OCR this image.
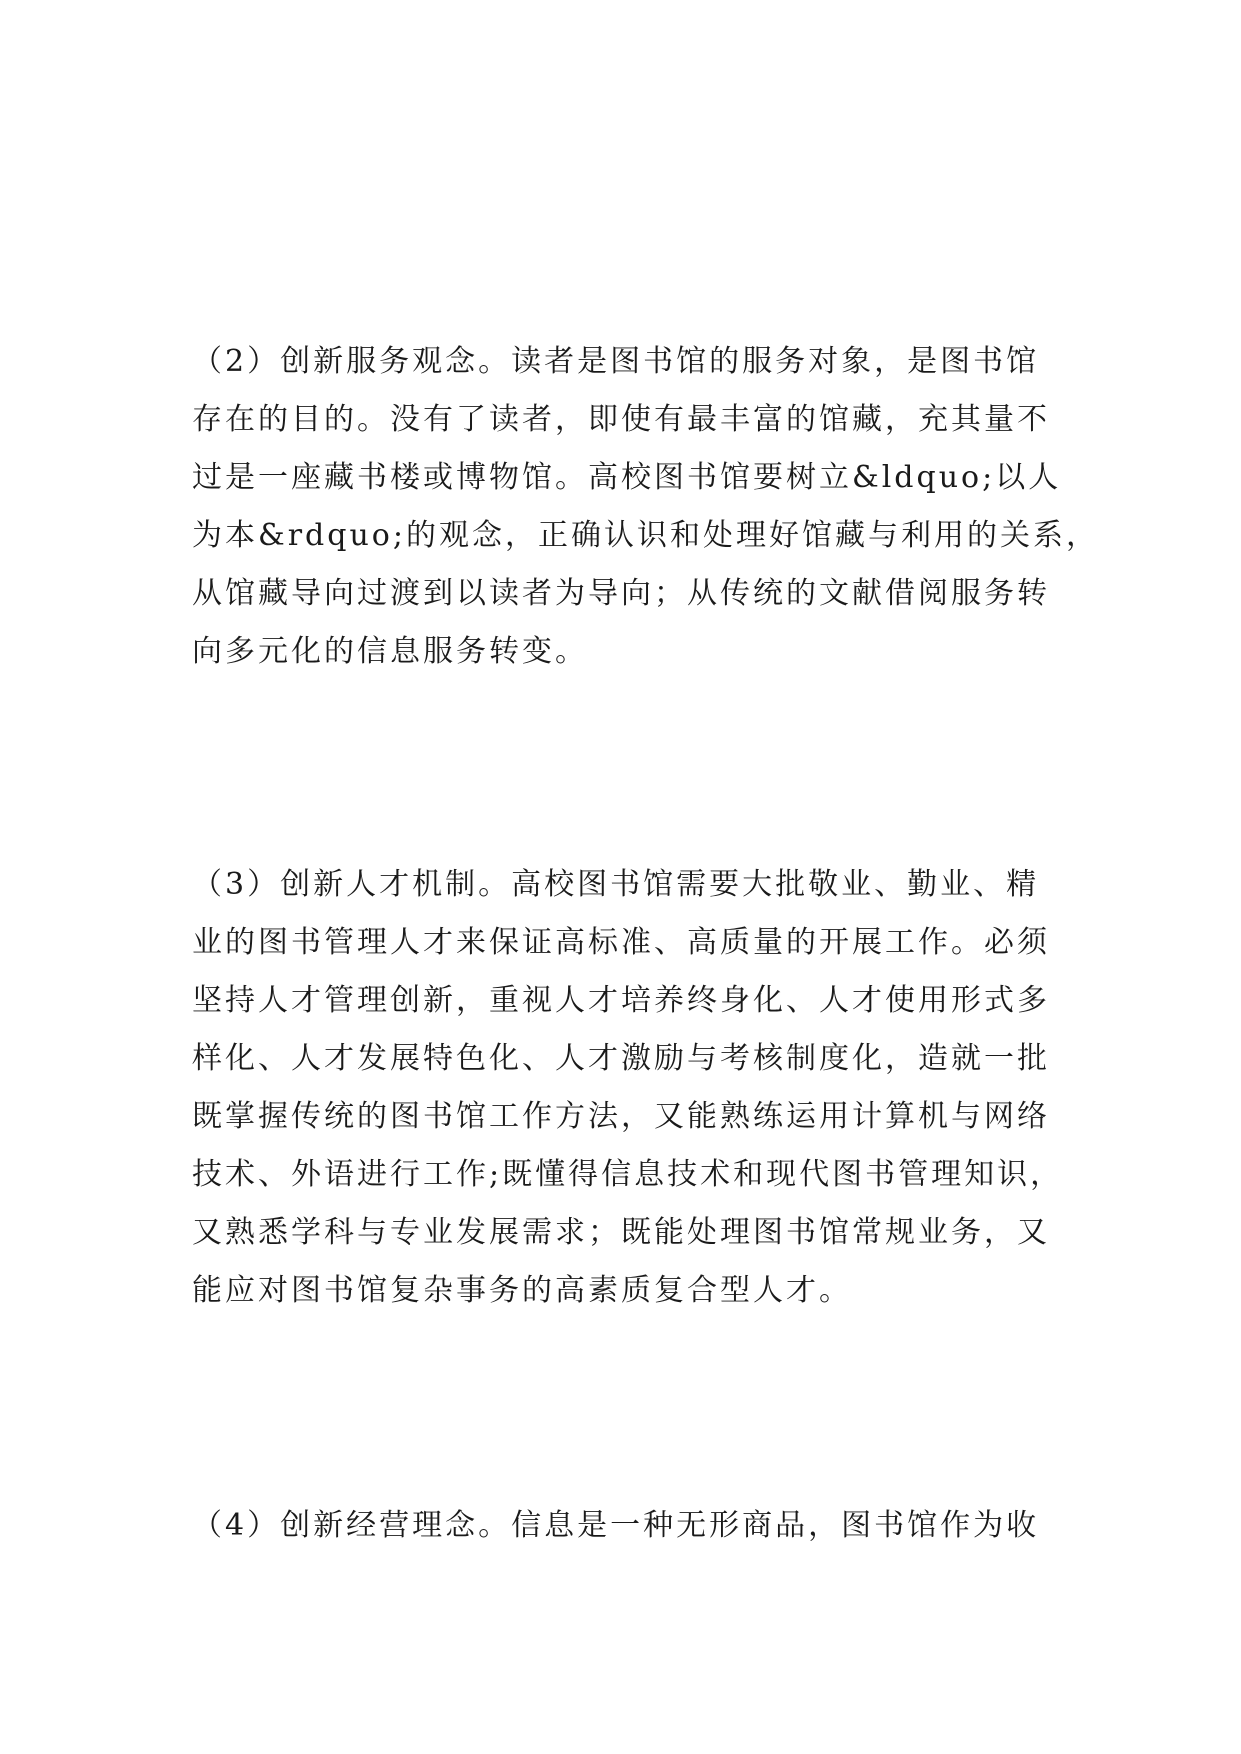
（2）创新服务观念。读者是图书馆的服务对象，是图书馆
存在的目的。没有了读者，即使有最丰富的馆藏，充其量不
过是一座藏书楼或博物馆。高校图书馆要树立&ldquo;以人
为本&rdquo;的观念，正确认识和处理好馆藏与利用的关系，
从馆藏导向过渡到以读者为导向；从传统的文献借阅服务转
向多元化的信息服务转变。
（3）创新人才机制。高校图书馆需要大批敬业、勤业、精
业的图书管理人才来保证高标准、高质量的开展工作。必须
坚持人才管理创新，重视人才培养终身化、人才使用形式多
样化、人才发展特色化、人才激励与考核制度化，造就一批
既掌握传统的图书馆工作方法，又能熟练运用计算机与网络
技术、外语进行工作;既懂得信息技术和现代图书管理知识，
又熟悉学科与专业发展需求；既能处理图书馆常规业务，又
能应对图书馆复杂事务的高素质复合型人才。
（4）创新经营理念。信息是一种无形商品，图书馆作为收
